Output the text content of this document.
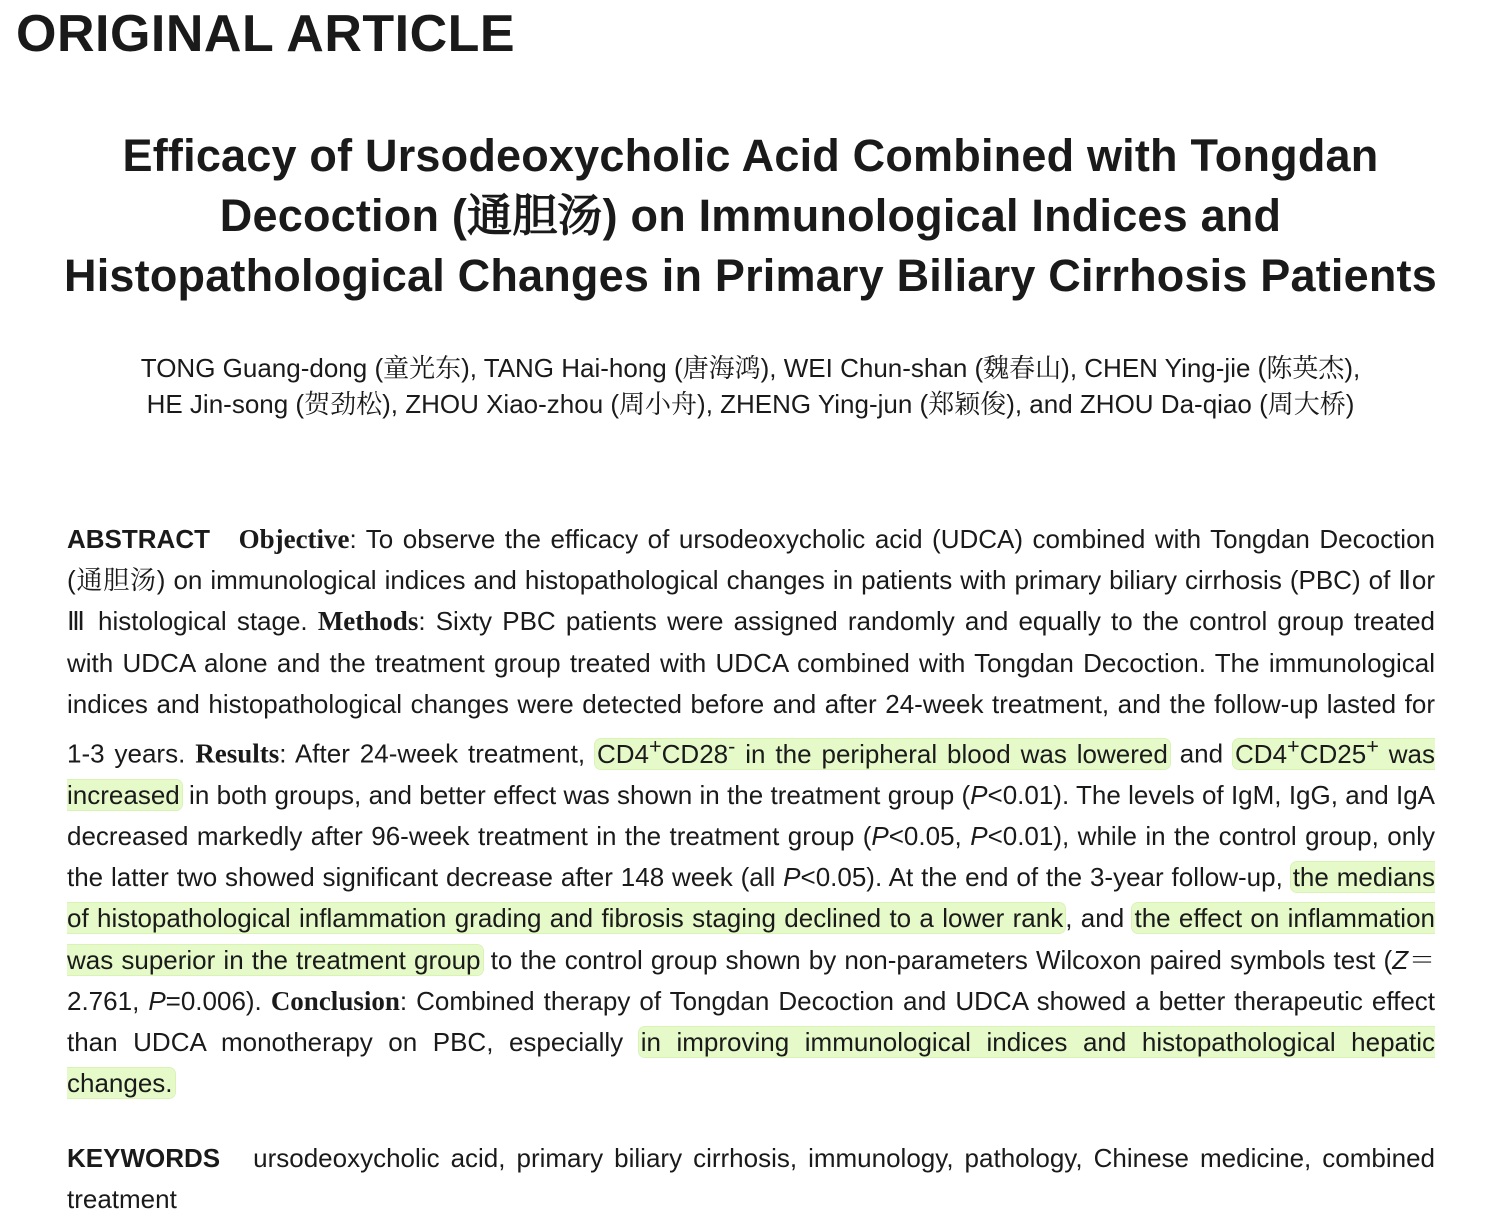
ORIGINAL ARTICLE
Efficacy of Ursodeoxycholic Acid Combined with Tongdan
Decoction (通胆汤) on Immunological Indices and
Histopathological Changes in Primary Biliary Cirrhosis Patients
TONG Guang-dong (童光东), TANG Hai-hong (唐海鸿), WEI Chun-shan (魏春山), CHEN Ying-jie (陈英杰),
HE Jin-song (贺劲松), ZHOU Xiao-zhou (周小舟), ZHENG Ying-jun (郑颖俊), and ZHOU Da-qiao (周大桥)

ABSTRACT Objective: To observe the efficacy of ursodeoxycholic acid (UDCA) combined with Tongdan Decoction (通胆汤) on immunological indices and histopathological changes in patients with primary biliary cirrhosis (PBC) of Ⅱor Ⅲ histological stage. Methods: Sixty PBC patients were assigned randomly and equally to the control group treated with UDCA alone and the treatment group treated with UDCA combined with Tongdan Decoction. The immunological indices and histopathological changes were detected before and after 24-week treatment, and the follow-up lasted for 1-3 years. Results: After 24-week treatment, CD4+CD28- in the peripheral blood was lowered and CD4+CD25+ was increased in both groups, and better effect was shown in the treatment group (P<0.01). The levels of IgM, IgG, and IgA decreased markedly after 96-week treatment in the treatment group (P<0.05, P<0.01), while in the control group, only the latter two showed significant decrease after 148 week (all P<0.05). At the end of the 3-year follow-up, the medians of histopathological inflammation grading and fibrosis staging declined to a lower rank, and the effect on inflammation was superior in the treatment group to the control group shown by non-parameters Wilcoxon paired symbols test (Z＝2.761, P=0.006). Conclusion: Combined therapy of Tongdan Decoction and UDCA showed a better therapeutic effect than UDCA monotherapy on PBC, especially in improving immunological indices and histopathological hepatic changes.

KEYWORDS ursodeoxycholic acid, primary biliary cirrhosis, immunology, pathology, Chinese medicine, combined treatment
